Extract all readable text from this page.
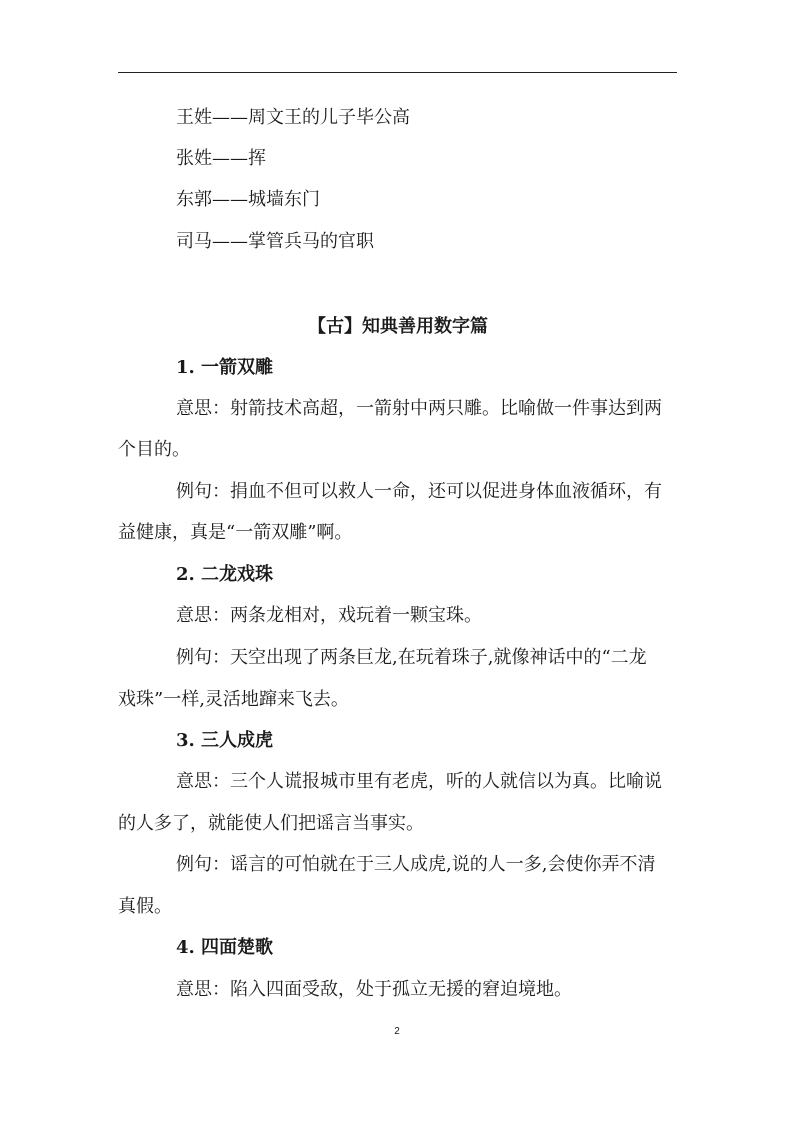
王姓——周文王的儿子毕公高
张姓——挥
东郭——城墙东门
司马——掌管兵马的官职
【古】知典善用数字篇
1. 一箭双雕
意思：射箭技术高超，一箭射中两只雕。比喻做一件事达到两
个目的。
例句：捐血不但可以救人一命，还可以促进身体血液循环，有
益健康，真是“一箭双雕”啊。
2. 二龙戏珠
意思：两条龙相对，戏玩着一颗宝珠。
例句：天空出现了两条巨龙,在玩着珠子,就像神话中的“二龙
戏珠”一样,灵活地蹿来飞去。
3. 三人成虎
意思：三个人谎报城市里有老虎，听的人就信以为真。比喻说
的人多了，就能使人们把谣言当事实。
例句：谣言的可怕就在于三人成虎,说的人一多,会使你弄不清
真假。
4. 四面楚歌
意思：陷入四面受敌，处于孤立无援的窘迫境地。
2
